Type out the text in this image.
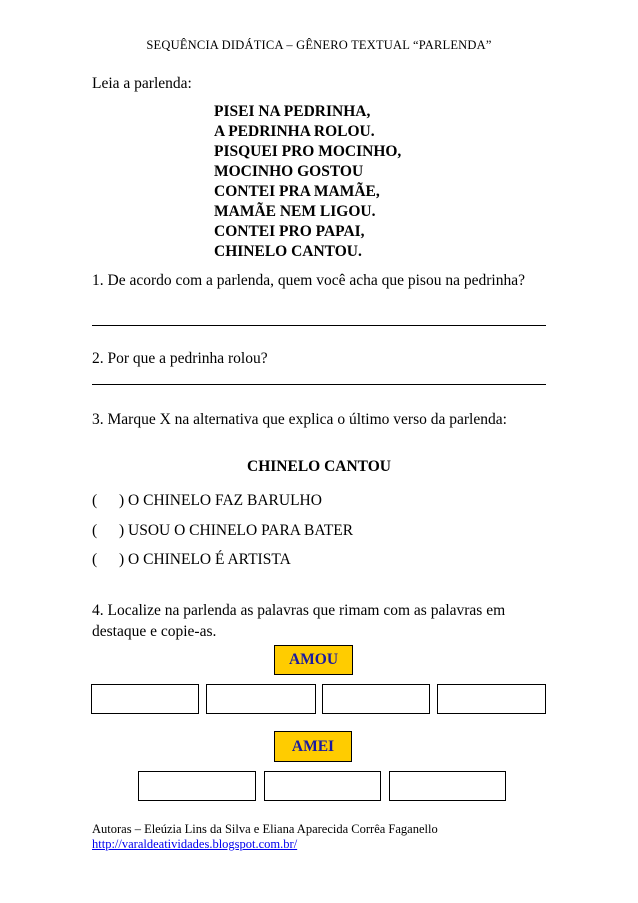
SEQUÊNCIA DIDÁTICA – GÊNERO TEXTUAL “PARLENDA”
Leia a parlenda:
PISEI NA PEDRINHA,
A PEDRINHA ROLOU.
PISQUEI PRO MOCINHO,
MOCINHO GOSTOU
CONTEI PRA MAMÃE,
MAMÃE NEM LIGOU.
CONTEI PRO PAPAI,
CHINELO CANTOU.
1. De acordo com a parlenda, quem você acha que pisou na pedrinha?
2. Por que a pedrinha rolou?
3. Marque X na alternativa que explica o último verso da parlenda:
CHINELO CANTOU
( ) O CHINELO FAZ BARULHO
( ) USOU O CHINELO PARA BATER
( ) O CHINELO É ARTISTA
4. Localize na parlenda as palavras que rimam com as palavras em destaque e copie-as.
AMOU
AMEI
Autoras – Eleúzia Lins da Silva e Eliana Aparecida Corrêa Faganello
http://varaldeatividades.blogspot.com.br/
